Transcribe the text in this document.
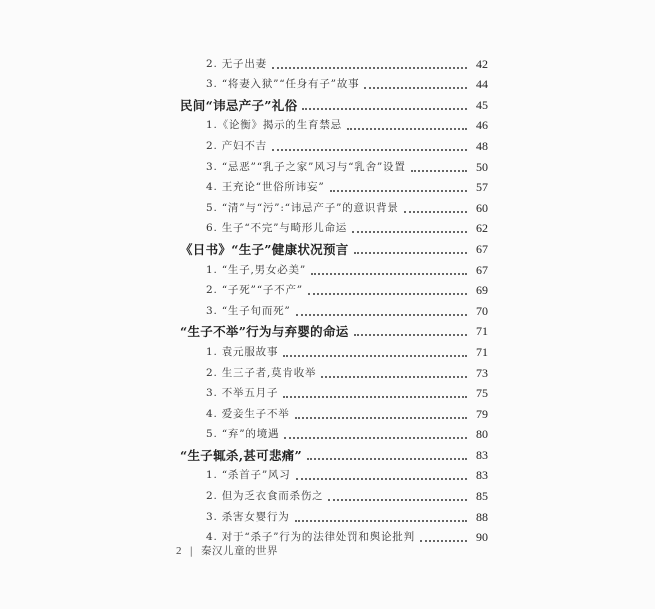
2. 无子出妻	42
3. “将妻入狱”“任身有子”故事	44
民间“讳忌产子”礼俗	45
1.《论衡》揭示的生育禁忌	46
2. 产妇不吉	48
3. “忌恶”“乳子之家”风习与“乳舍”设置	50
4. 王充论“世俗所讳妄”	57
5. “清”与“污”:“讳忌产子”的意识背景	60
6. 生子“不完”与畸形儿命运	62
《日书》“生子”健康状况预言	67
1. “生子,男女必美”	67
2. “子死”“子不产”	69
3. “生子旬而死”	70
“生子不举”行为与弃婴的命运	71
1. 袁元服故事	71
2. 生三子者,莫肯收举	73
3. 不举五月子	75
4. 爱妾生子不举	79
5. “弃”的境遇	80
“生子辄杀,甚可悲痛”	83
1. “杀首子”风习	83
2. 但为乏衣食而杀伤之	85
3. 杀害女婴行为	88
4. 对于“杀子”行为的法律处罚和舆论批判	90
2 | 秦汉儿童的世界
